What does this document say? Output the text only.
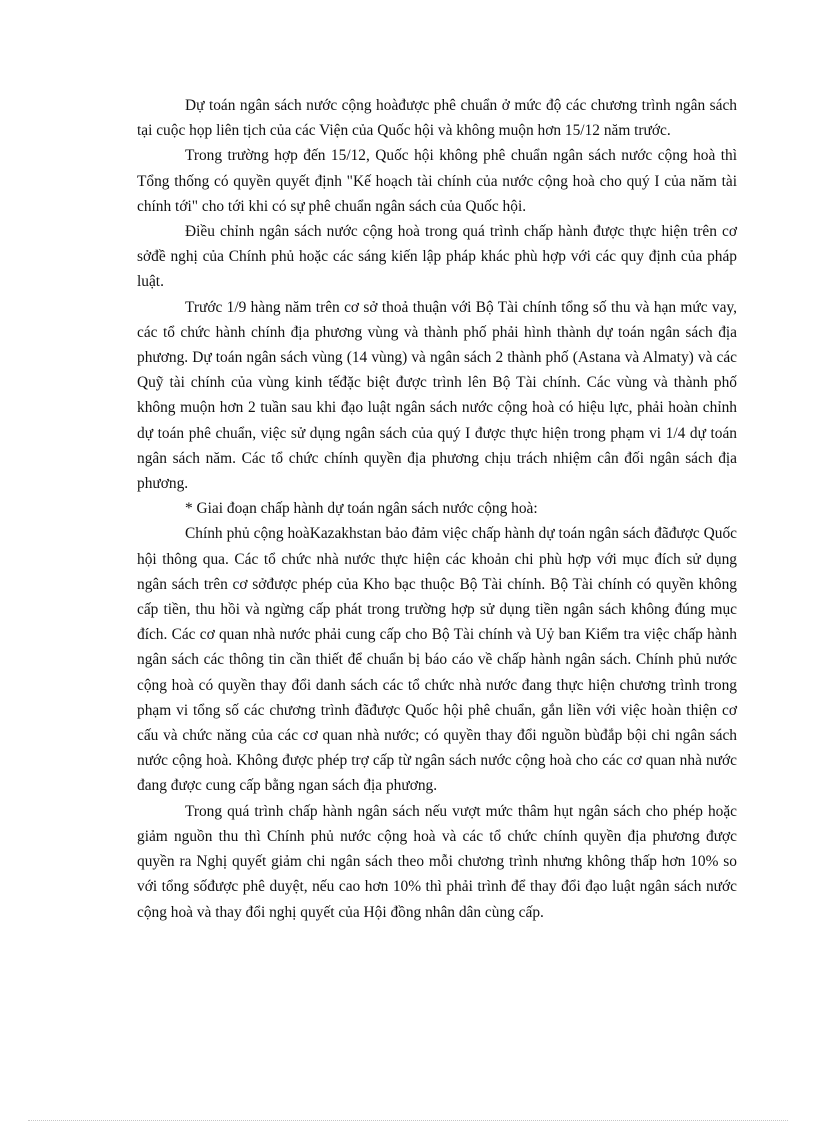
Dự toán ngân sách nước cộng hoàđược phê chuẩn ở mức độ các chương trình ngân sách tại cuộc họp liên tịch của các Viện của Quốc hội và không muộn hơn 15/12 năm trước.

Trong trường hợp đến 15/12, Quốc hội không phê chuẩn ngân sách nước cộng hoà thì Tổng thống có quyền quyết định "Kế hoạch tài chính của nước cộng hoà cho quý I của năm tài chính tới" cho tới khi có sự phê chuẩn ngân sách của Quốc hội.

Điều chỉnh ngân sách nước cộng hoà trong quá trình chấp hành được thực hiện trên cơ sởđề nghị của Chính phủ hoặc các sáng kiến lập pháp khác phù hợp với các quy định của pháp luật.

Trước 1/9 hàng năm trên cơ sở thoả thuận với Bộ Tài chính tổng số thu và hạn mức vay, các tổ chức hành chính địa phương vùng và thành phố phải hình thành dự toán ngân sách địa phương. Dự toán ngân sách vùng (14 vùng) và ngân sách 2 thành phố (Astana và Almaty) và các Quỹ tài chính của vùng kinh tếđặc biệt được trình lên Bộ Tài chính. Các vùng và thành phố không muộn hơn 2 tuần sau khi đạo luật ngân sách nước cộng hoà có hiệu lực, phải hoàn chỉnh dự toán phê chuẩn, việc sử dụng ngân sách của quý I được thực hiện trong phạm vi 1/4 dự toán ngân sách năm. Các tổ chức chính quyền địa phương chịu trách nhiệm cân đối ngân sách địa phương.

* Giai đoạn chấp hành dự toán ngân sách nước cộng hoà:

Chính phủ cộng hoàKazakhstan bảo đảm việc chấp hành dự toán ngân sách đãđược Quốc hội thông qua. Các tổ chức nhà nước thực hiện các khoản chi phù hợp với mục đích sử dụng ngân sách trên cơ sởđược phép của Kho bạc thuộc Bộ Tài chính. Bộ Tài chính có quyền không cấp tiền, thu hồi và ngừng cấp phát trong trường hợp sử dụng tiền ngân sách không đúng mục đích. Các cơ quan nhà nước phải cung cấp cho Bộ Tài chính và Uỷ ban Kiểm tra việc chấp hành ngân sách các thông tin cần thiết để chuẩn bị báo cáo về chấp hành ngân sách. Chính phủ nước cộng hoà có quyền thay đổi danh sách các tổ chức nhà nước đang thực hiện chương trình trong phạm vi tổng số các chương trình đãđược Quốc hội phê chuẩn, gắn liền với việc hoàn thiện cơ cấu và chức năng của các cơ quan nhà nước; có quyền thay đổi nguồn bùđắp bội chi ngân sách nước cộng hoà. Không được phép trợ cấp từ ngân sách nước cộng hoà cho các cơ quan nhà nước đang được cung cấp bằng ngan sách địa phương.

Trong quá trình chấp hành ngân sách nếu vượt mức thâm hụt ngân sách cho phép hoặc giảm nguồn thu thì Chính phủ nước cộng hoà và các tổ chức chính quyền địa phương được quyền ra Nghị quyết giảm chi ngân sách theo mỗi chương trình nhưng không thấp hơn 10% so với tổng sốđược phê duyệt, nếu cao hơn 10% thì phải trình để thay đổi đạo luật ngân sách nước cộng hoà và thay đổi nghị quyết của Hội đồng nhân dân cùng cấp.
